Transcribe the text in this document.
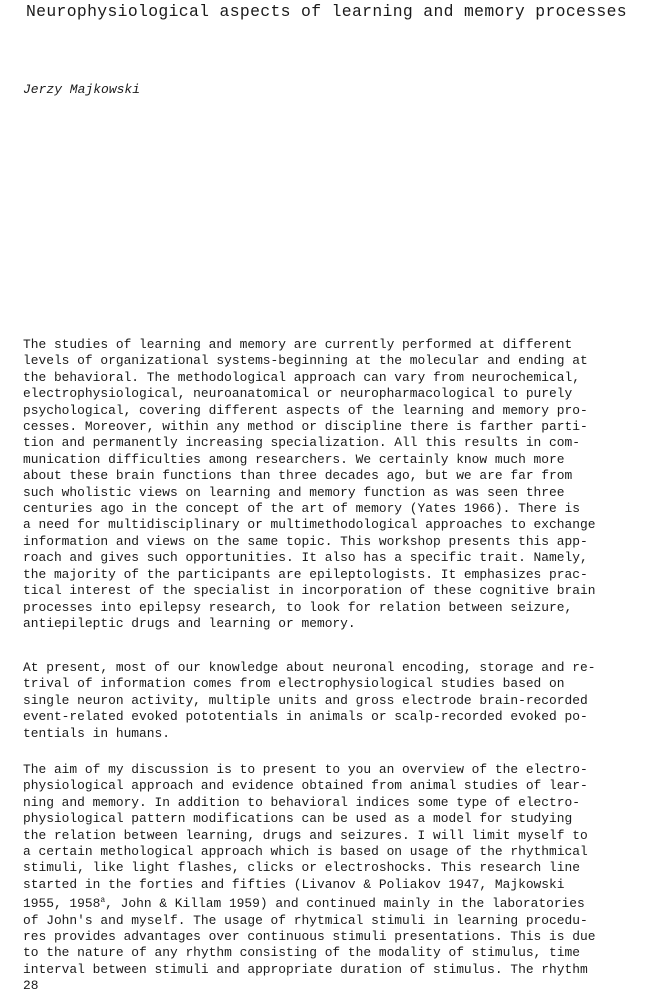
Neurophysiological aspects of learning and memory processes
Jerzy Majkowski
The studies of learning and memory are currently performed at different
levels of organizational systems-beginning at the molecular and ending at
the behavioral. The methodological approach can vary from neurochemical,
electrophysiological, neuroanatomical or neuropharmacological to purely
psychological, covering different aspects of the learning and memory pro-
cesses. Moreover, within any method or discipline there is farther parti-
tion and permanently increasing specialization. All this results in com-
munication difficulties among researchers. We certainly know much more
about these brain functions than three decades ago, but we are far from
such wholistic views on learning and memory function as was seen three
centuries ago in the concept of the art of memory (Yates 1966). There is
a need for multidisciplinary or multimethodological approaches to exchange
information and views on the same topic. This workshop presents this app-
roach and gives such opportunities. It also has a specific trait. Namely,
the majority of the participants are epileptologists. It emphasizes prac-
tical interest of the specialist in incorporation of these cognitive brain
processes into epilepsy research, to look for relation between seizure,
antiepileptic drugs and learning or memory.
At present, most of our knowledge about neuronal encoding, storage and re-
trival of information comes from electrophysiological studies based on
single neuron activity, multiple units and gross electrode brain-recorded
event-related evoked pototentials in animals or scalp-recorded evoked po-
tentials in humans.
The aim of my discussion is to present to you an overview of the electro-
physiological approach and evidence obtained from animal studies of lear-
ning and memory. In addition to behavioral indices some type of electro-
physiological pattern modifications can be used as a model for studying
the relation between learning, drugs and seizures. I will limit myself to
a certain methological approach which is based on usage of the rhythmical
stimuli, like light flashes, clicks or electroshocks. This research line
started in the forties and fifties (Livanov & Poliakov 1947, Majkowski
1955, 1958$^a$, John & Killam 1959) and continued mainly in the laboratories
of John's and myself. The usage of rhytmical stimuli in learning procedu-
res provides advantages over continuous stimuli presentations. This is due
to the nature of any rhythm consisting of the modality of stimulus, time
interval between stimuli and appropriate duration of stimulus. The rhythm
28
